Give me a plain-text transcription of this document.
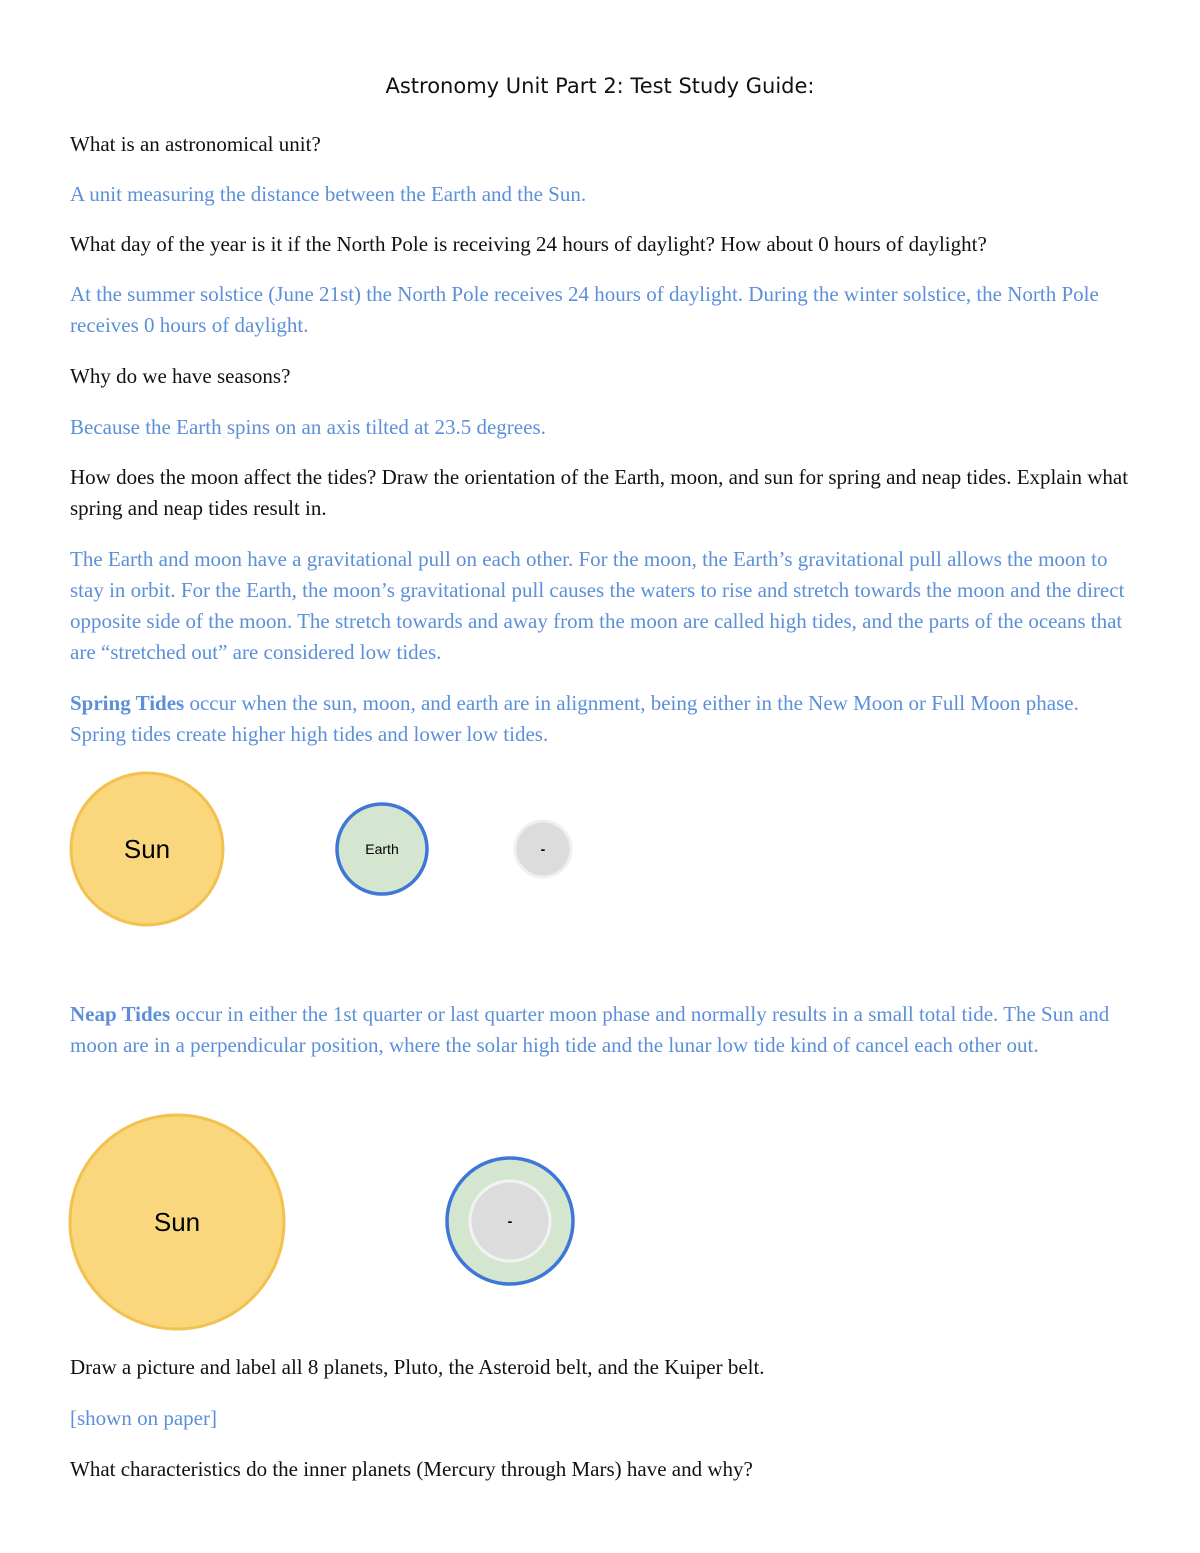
Astronomy Unit Part 2: Test Study Guide:

What is an astronomical unit?

A unit measuring the distance between the Earth and the Sun.

What day of the year is it if the North Pole is receiving 24 hours of daylight? How about 0 hours of daylight?

At the summer solstice (June 21st) the North Pole receives 24 hours of daylight. During the winter solstice, the North Pole receives 0 hours of daylight.

Why do we have seasons?

Because the Earth spins on an axis tilted at 23.5 degrees.

How does the moon affect the tides? Draw the orientation of the Earth, moon, and sun for spring and neap tides. Explain what spring and neap tides result in.

The Earth and moon have a gravitational pull on each other. For the moon, the Earth’s gravitational pull allows the moon to stay in orbit. For the Earth, the moon’s gravitational pull causes the waters to rise and stretch towards the moon and the direct opposite side of the moon. The stretch towards and away from the moon are called high tides, and the parts of the oceans that are “stretched out” are considered low tides.

Spring Tides occur when the sun, moon, and earth are in alignment, being either in the New Moon or Full Moon phase. Spring tides create higher high tides and lower low tides.

Sun	Earth	-

Neap Tides occur in either the 1st quarter or last quarter moon phase and normally results in a small total tide. The Sun and moon are in a perpendicular position, where the solar high tide and the lunar low tide kind of cancel each other out.

Sun	-

Draw a picture and label all 8 planets, Pluto, the Asteroid belt, and the Kuiper belt.

[shown on paper]

What characteristics do the inner planets (Mercury through Mars) have and why?
